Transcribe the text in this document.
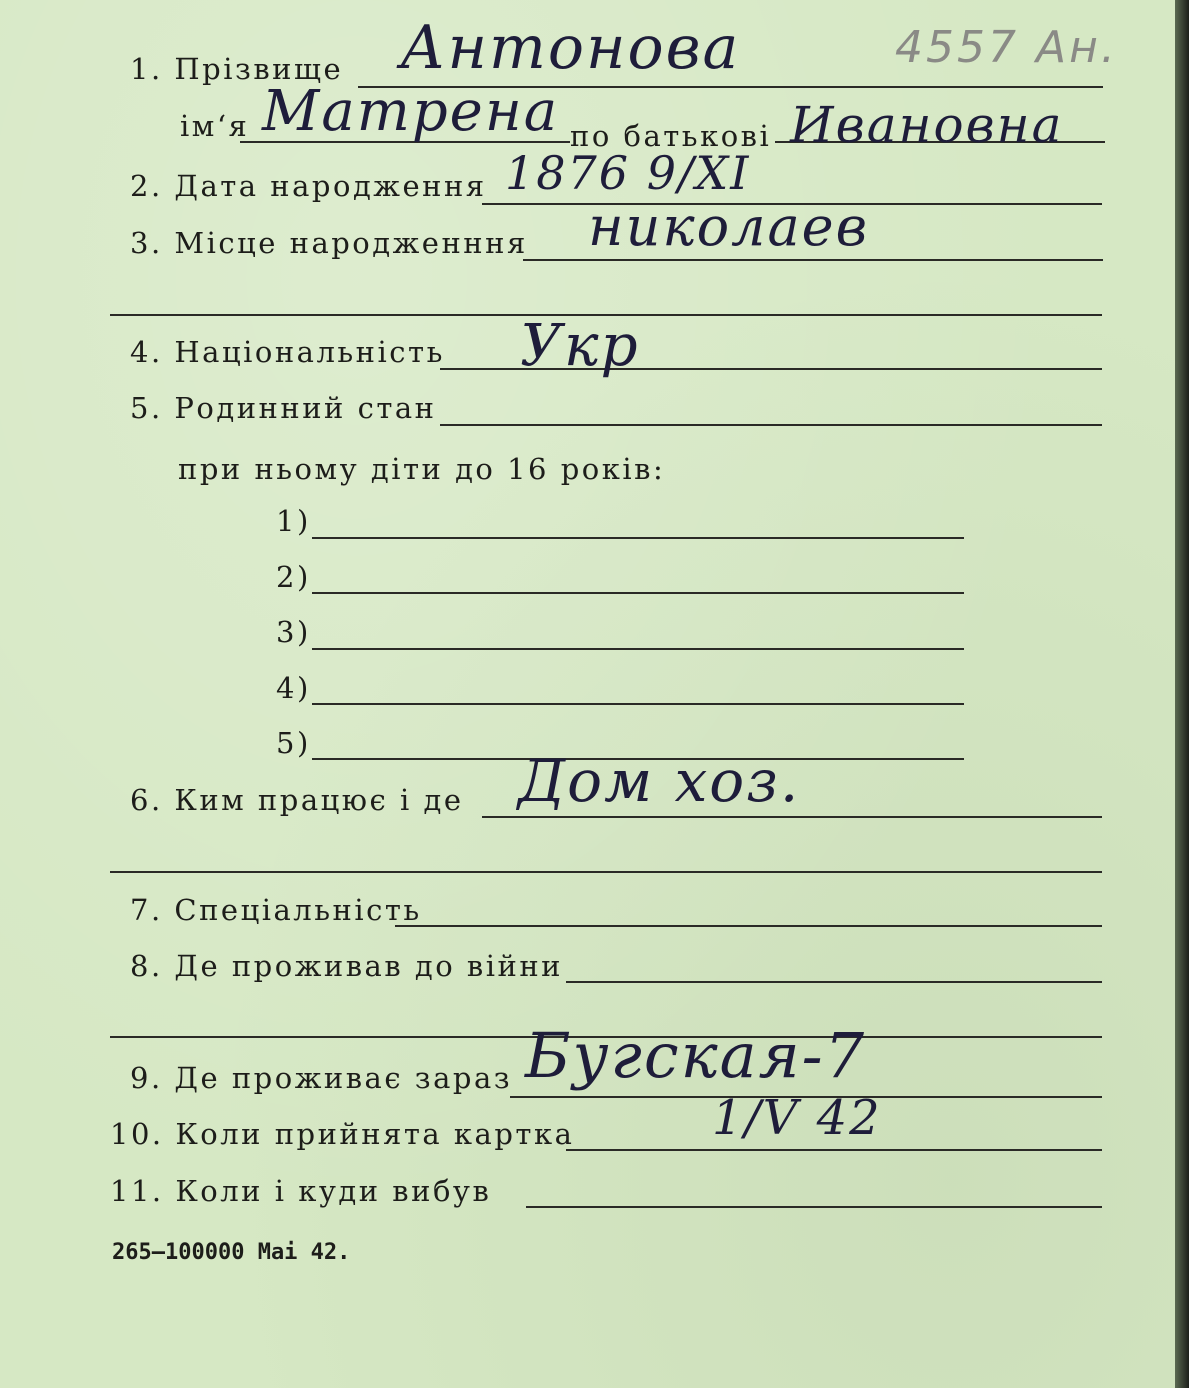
4557 Ан.
1. Прізвище Антонова
ім‘я Матрена по батькові Ивановна
2. Дата народження 1876 9/XI
3. Місце народженння николаев
4. Національність Укр
5. Родинний стан
при ньому діти до 16 років:
1)
2)
3)
4)
5)
6. Ким працює і де Дом хоз.
7. Спеціальність
8. Де проживав до війни
9. Де проживає зараз Бугская-7
10. Коли прийнята картка	1/V 42
11. Коли і куди вибув
265—100000 Mai 42.
